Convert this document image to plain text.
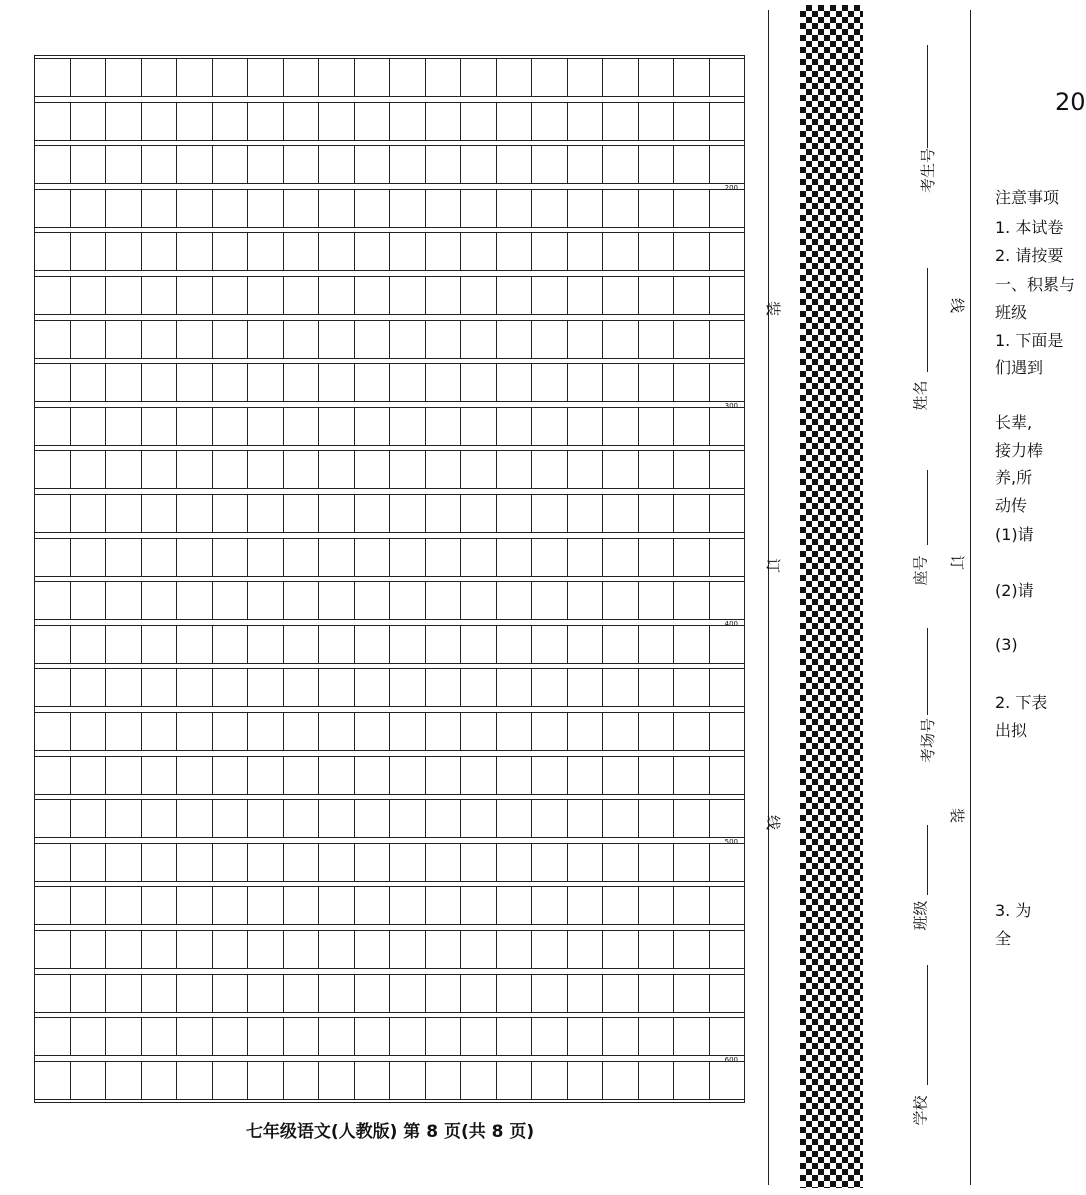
200
300
400
500
600
七年级语文(人教版) 第 8 页(共 8 页)
装
订
线
线
订
装
考生号
姓名
座号
考场号
班级
学校
20
注意事项
1. 本试卷
2. 请按要
一、积累与
班级
1. 下面是
们遇到
长辈,
接力棒
养,所
动传
(1)请
(2)请
(3)
2. 下表
出拟
3. 为
全
